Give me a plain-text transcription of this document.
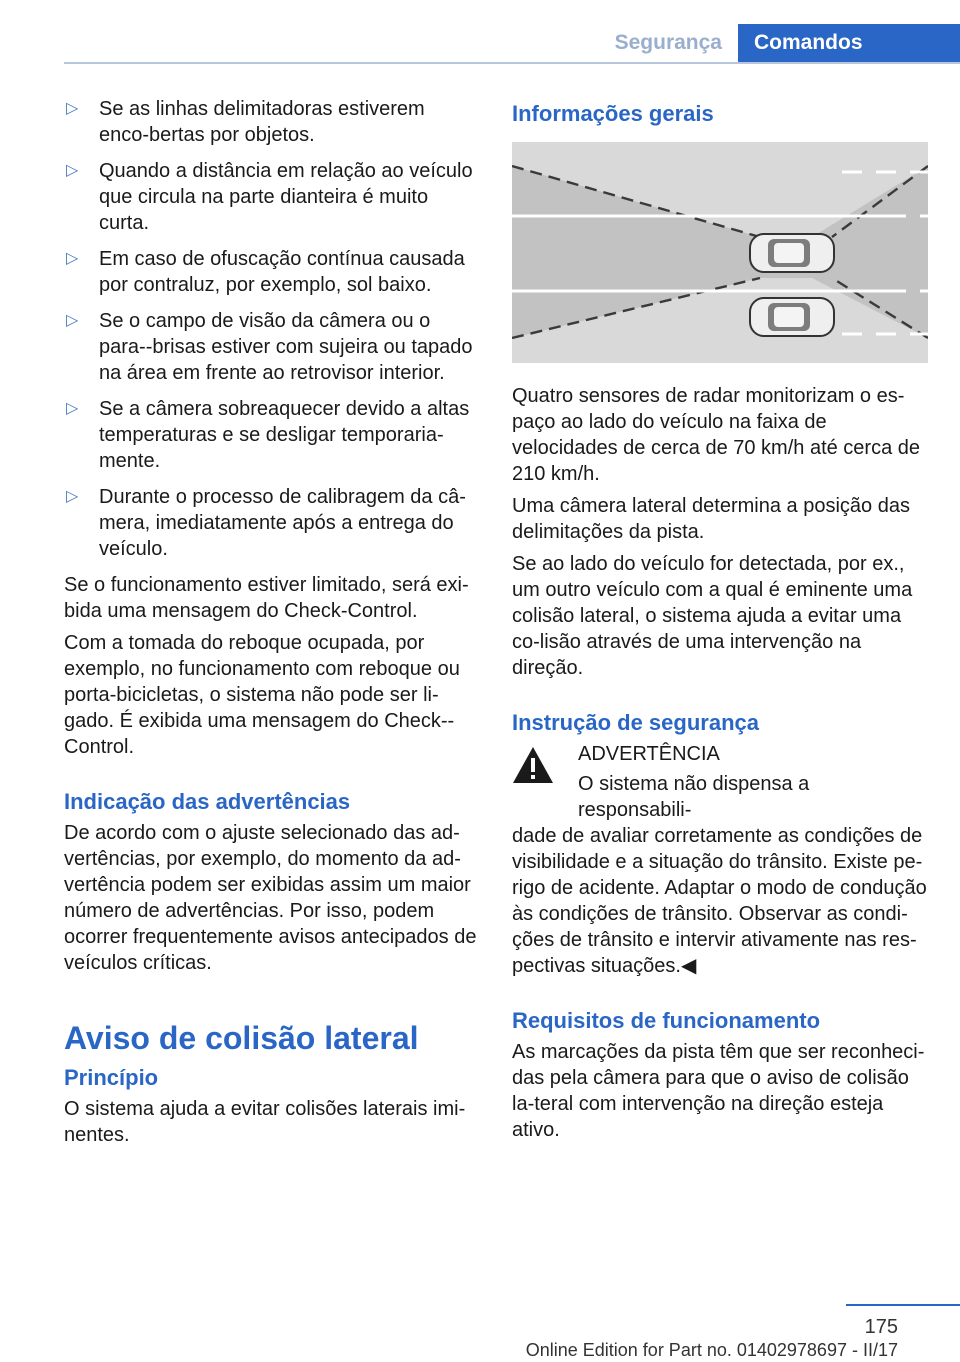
Segurança	Comandos
▷ Se as linhas delimitadoras estiverem enco-bertas por objetos.
▷ Quando a distância em relação ao veículo que circula na parte dianteira é muito curta.
▷ Em caso de ofuscação contínua causada por contraluz, por exemplo, sol baixo.
▷ Se o campo de visão da câmera ou o para--brisas estiver com sujeira ou tapado na área em frente ao retrovisor interior.
▷ Se a câmera sobreaquecer devido a altas temperaturas e se desligar temporaria-mente.
▷ Durante o processo de calibragem da câ-mera, imediatamente após a entrega do veículo.

Se o funcionamento estiver limitado, será exi-bida uma mensagem do Check-Control.

Com a tomada do reboque ocupada, por exemplo, no funcionamento com reboque ou porta-bicicletas, o sistema não pode ser li-gado. É exibida uma mensagem do Check--Control.

Indicação das advertências

De acordo com o ajuste selecionado das ad-vertências, por exemplo, do momento da ad-vertência podem ser exibidas assim um maior número de advertências. Por isso, podem ocorrer frequentemente avisos antecipados de veículos críticas.

Aviso de colisão lateral
Princípio

O sistema ajuda a evitar colisões laterais imi-nentes.

Informações gerais

Quatro sensores de radar monitorizam o es-paço ao lado do veículo na faixa de velocidades de cerca de 70 km/h até cerca de 210 km/h.

Uma câmera lateral determina a posição das delimitações da pista.

Se ao lado do veículo for detectada, por ex., um outro veículo com a qual é eminente uma colisão lateral, o sistema ajuda a evitar uma co-lisão através de uma intervenção na direção.

Instrução de segurança
ADVERTÊNCIA
O sistema não dispensa a responsabili-

dade de avaliar corretamente as condições de visibilidade e a situação do trânsito. Existe pe-rigo de acidente. Adaptar o modo de condução às condições de trânsito. Observar as condi-ções de trânsito e intervir ativamente nas res-pectivas situações.◀

Requisitos de funcionamento

As marcações da pista têm que ser reconheci-das pela câmera para que o aviso de colisão la-teral com intervenção na direção esteja ativo.

175
Online Edition for Part no. 01402978697 - II/17
